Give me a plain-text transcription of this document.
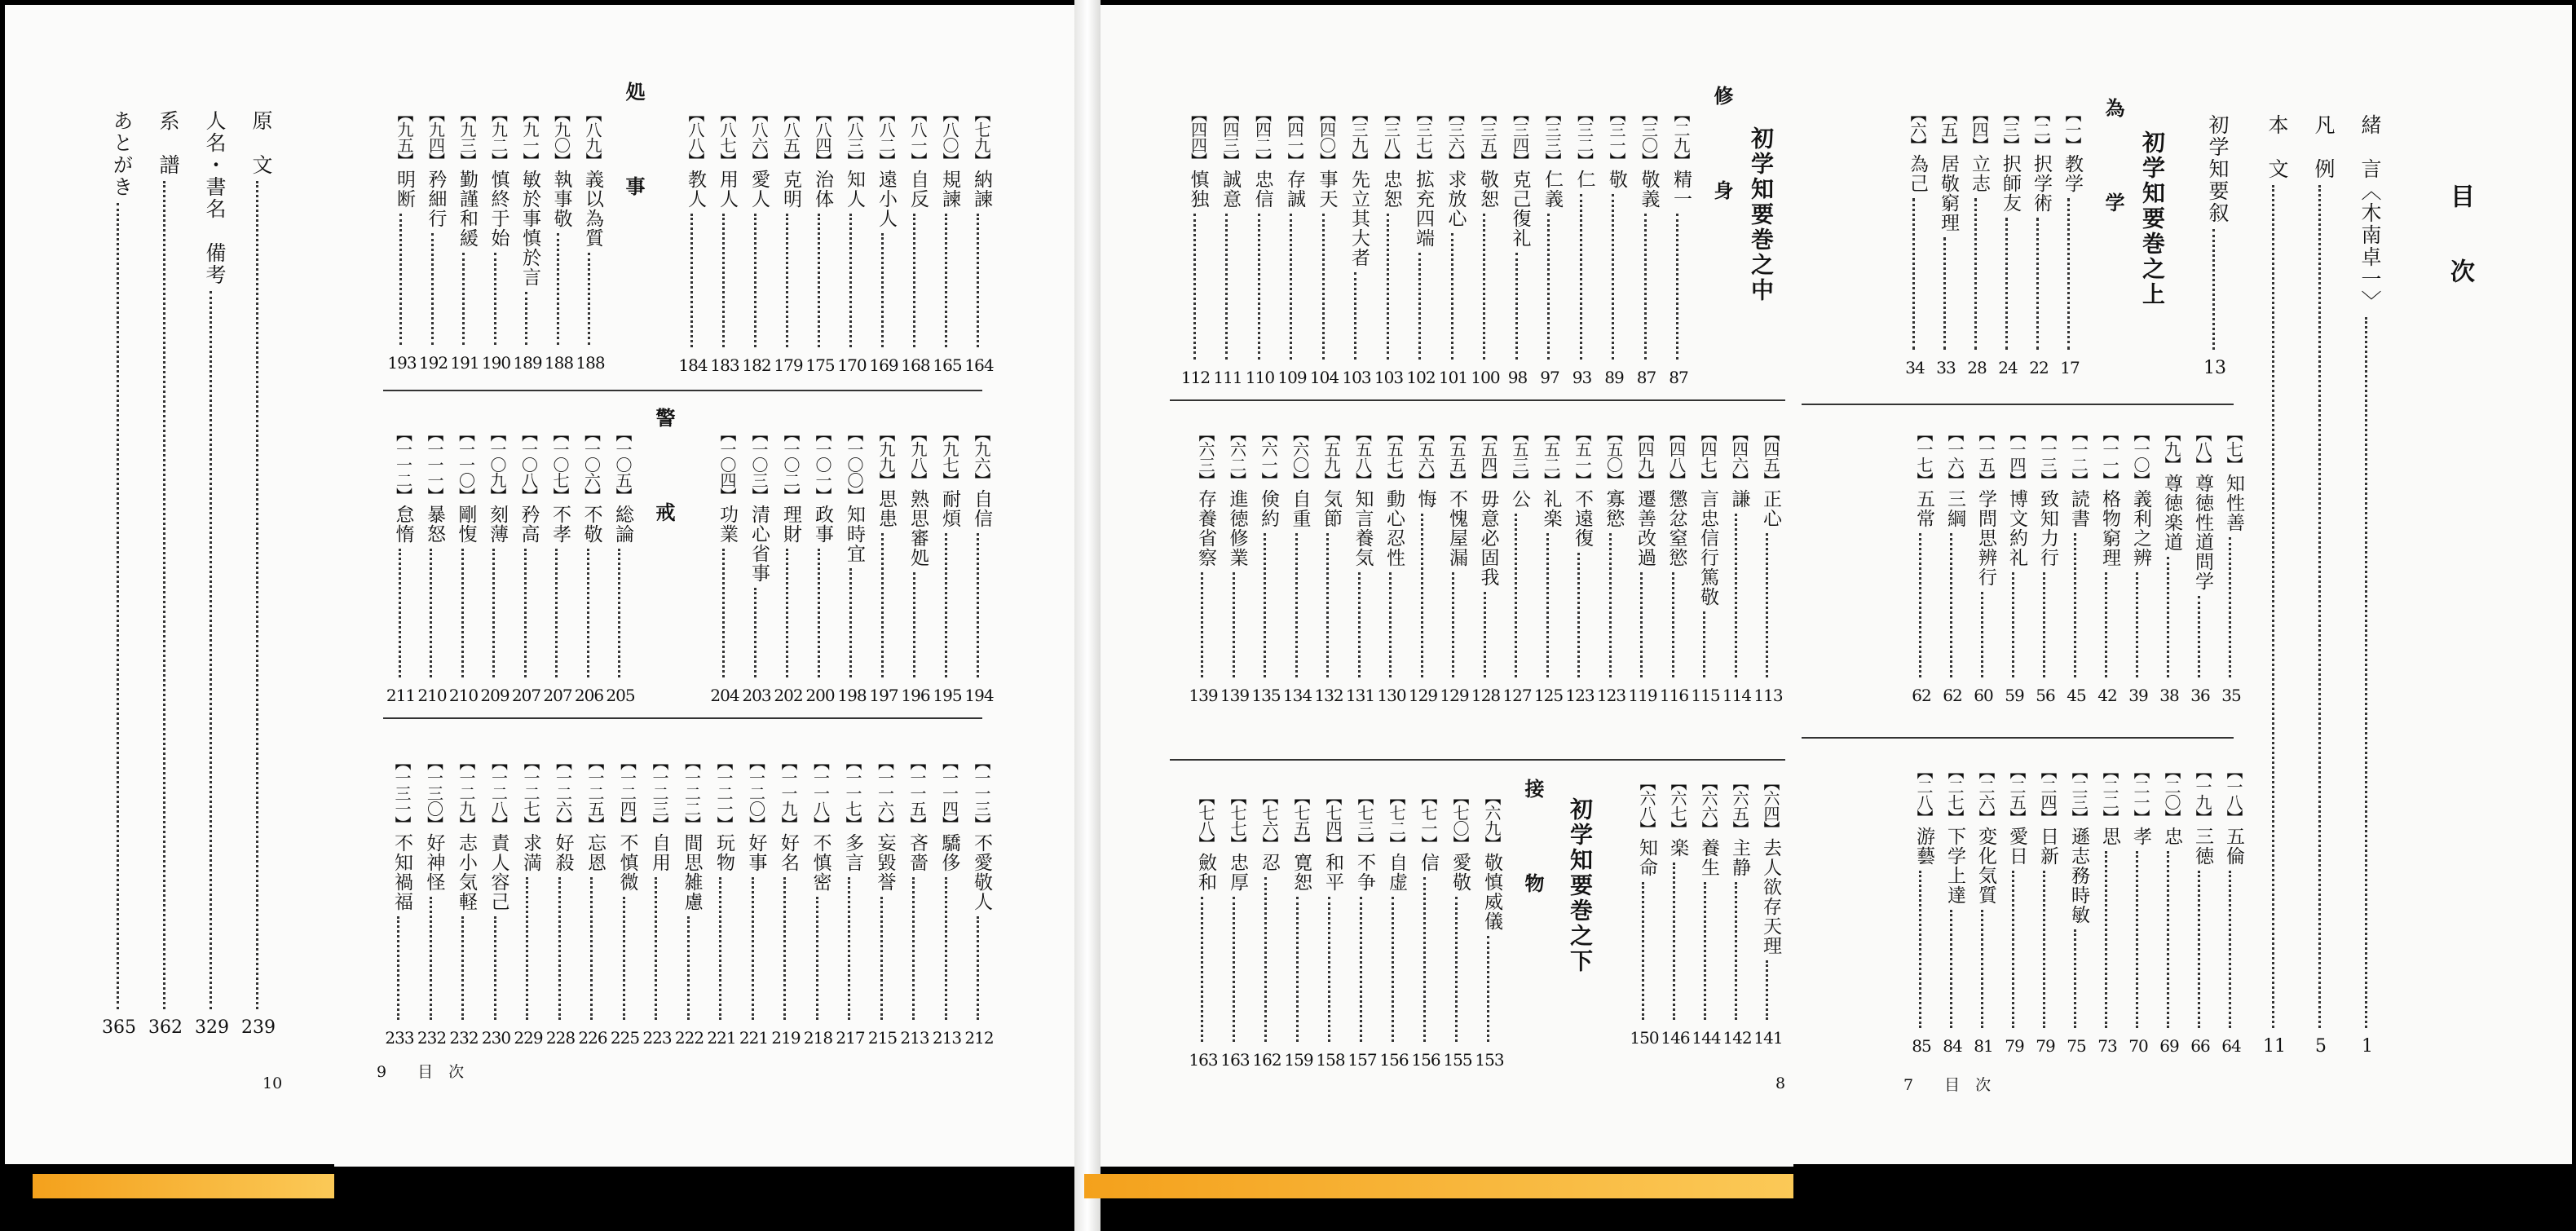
目　次
緒　言〈木南卓一〉
1
凡　例
5
本　文
11
初学知要叙
13
初学知要巻之上
為　学
【一】
教学
17
【二】
択学術
22
【三】
択師友
24
【四】
立志
28
【五】
居敬窮理
33
【六】
為己
34
【七】
知性善
35
【八】
尊徳性道問学
36
【九】
尊徳楽道
38
【一〇】
義利之辨
39
【一一】
格物窮理
42
【一二】
読書
45
【一三】
致知力行
56
【一四】
博文約礼
59
【一五】
学問思辨行
60
【一六】
三綱
62
【一七】
五常
62
【一八】
五倫
64
【一九】
三徳
66
【二〇】
忠
69
【二一】
孝
70
【二二】
思
73
【二三】
遜志務時敏
75
【二四】
日新
79
【二五】
愛日
79
【二六】
変化気質
81
【二七】
下学上達
84
【二八】
游藝
85
初学知要巻之中
修　身
【二九】
精一
87
【三〇】
敬義
87
【三一】
敬
89
【三二】
仁
93
【三三】
仁義
97
【三四】
克己復礼
98
【三五】
敬恕
100
【三六】
求放心
101
【三七】
拡充四端
102
【三八】
忠恕
103
【三九】
先立其大者
103
【四〇】
事天
104
【四一】
存誠
109
【四二】
忠信
110
【四三】
誠意
111
【四四】
慎独
112
【四五】
正心
113
【四六】
謙
114
【四七】
言忠信行篤敬
115
【四八】
懲忿窒慾
116
【四九】
遷善改過
119
【五〇】
寡慾
123
【五一】
不遠復
123
【五二】
礼楽
125
【五三】
公
127
【五四】
毋意必固我
128
【五五】
不愧屋漏
129
【五六】
悔
129
【五七】
動心忍性
130
【五八】
知言養気
131
【五九】
気節
132
【六〇】
自重
134
【六一】
倹約
135
【六二】
進徳修業
139
【六三】
存養省察
139
【六四】
去人欲存天理
141
【六五】
主静
142
【六六】
養生
144
【六七】
楽
146
【六八】
知命
150
初学知要巻之下
接　物
【六九】
敬慎威儀
153
【七〇】
愛敬
155
【七一】
信
156
【七二】
自虚
156
【七三】
不争
157
【七四】
和平
158
【七五】
寛恕
159
【七六】
忍
162
【七七】
忠厚
163
【七八】
斂和
163
7　　目　次
8
【七九】
納諫
164
【八〇】
規諫
165
【八一】
自反
168
【八二】
遠小人
169
【八三】
知人
170
【八四】
治体
175
【八五】
克明
179
【八六】
愛人
182
【八七】
用人
183
【八八】
教人
184
処　事
【八九】
義以為質
188
【九〇】
執事敬
188
【九一】
敏於事慎於言
189
【九二】
慎終于始
190
【九三】
勤謹和緩
191
【九四】
矜細行
192
【九五】
明断
193
【九六】
自信
194
【九七】
耐煩
195
【九八】
熟思審処
196
【九九】
思患
197
【一〇〇】
知時宜
198
【一〇一】
政事
200
【一〇二】
理財
202
【一〇三】
清心省事
203
【一〇四】
功業
204
警　戒
【一〇五】
総論
205
【一〇六】
不敬
206
【一〇七】
不孝
207
【一〇八】
矜高
207
【一〇九】
刻薄
209
【一一〇】
剛愎
210
【一一一】
暴怒
210
【一一二】
怠惰
211
【一一三】
不愛敬人
212
【一一四】
驕侈
213
【一一五】
吝嗇
213
【一一六】
妄毀誉
215
【一一七】
多言
217
【一一八】
不慎密
218
【一一九】
好名
219
【一二〇】
好事
221
【一二一】
玩物
221
【一二二】
間思雑慮
222
【一二三】
自用
223
【一二四】
不慎微
225
【一二五】
忘恩
226
【一二六】
好殺
228
【一二七】
求満
229
【一二八】
責人容己
230
【一二九】
志小気軽
232
【一三〇】
好神怪
232
【一三一】
不知禍福
233
原　文
239
人名・書名　備考
329
系　譜
362
あとがき
365
9　　目　次
10
